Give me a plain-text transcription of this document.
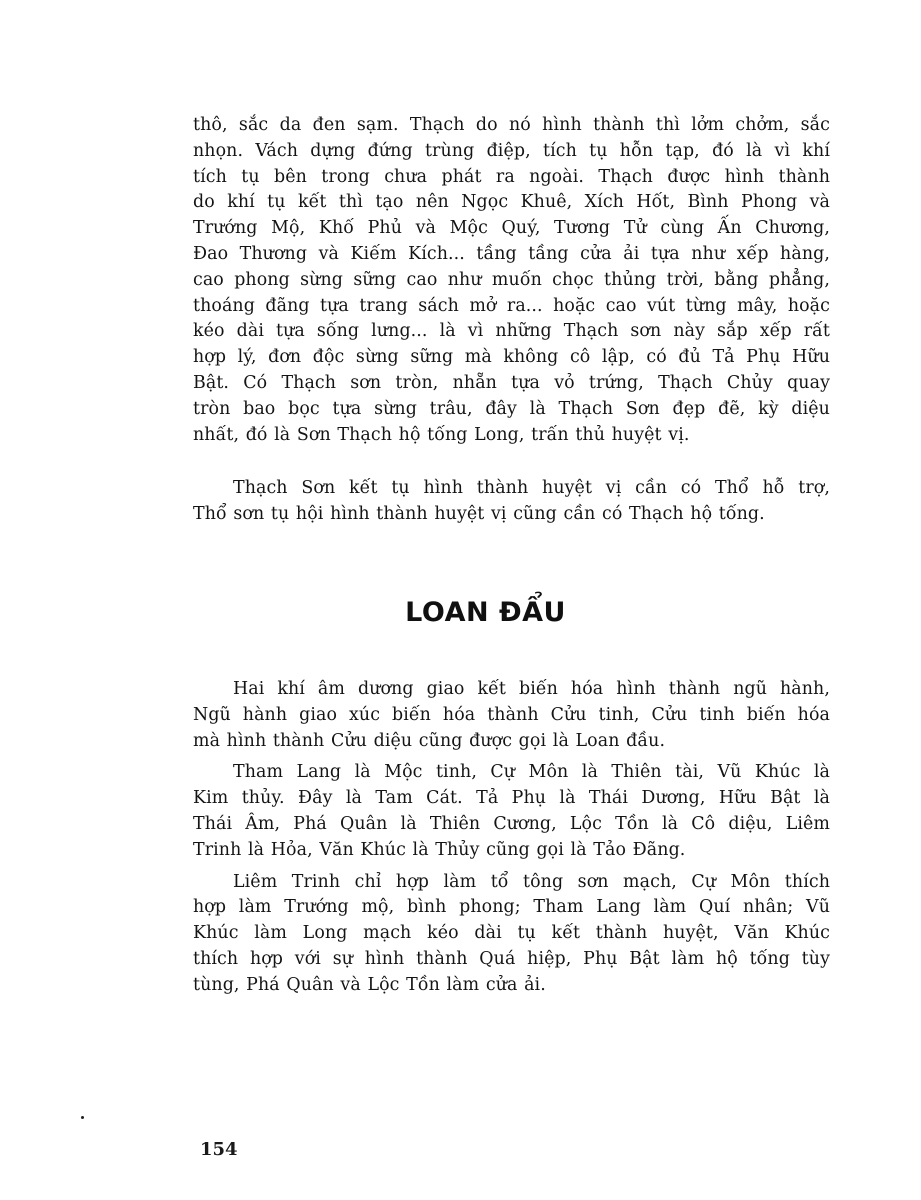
thô, sắc da đen sạm. Thạch do nó hình thành thì lởm chởm, sắc
nhọn. Vách dựng đứng trùng điệp, tích tụ hỗn tạp, đó là vì khí
tích tụ bên trong chưa phát ra ngoài. Thạch được hình thành
do khí tụ kết thì tạo nên Ngọc Khuê, Xích Hốt, Bình Phong và
Trướng Mộ, Khố Phủ và Mộc Quý, Tương Tử cùng Ấn Chương,
Đao Thương và Kiếm Kích... tầng tầng cửa ải tựa như xếp hàng,
cao phong sừng sững cao như muốn chọc thủng trời, bằng phẳng,
thoáng đãng tựa trang sách mở ra... hoặc cao vút từng mây, hoặc
kéo dài tựa sống lưng... là vì những Thạch sơn này sắp xếp rất
hợp lý, đơn độc sừng sững mà không cô lập, có đủ Tả Phụ Hữu
Bật. Có Thạch sơn tròn, nhẵn tựa vỏ trứng, Thạch Chủy quay
tròn bao bọc tựa sừng trâu, đây là Thạch Sơn đẹp đẽ, kỳ diệu
nhất, đó là Sơn Thạch hộ tống Long, trấn thủ huyệt vị.

Thạch Sơn kết tụ hình thành huyệt vị cần có Thổ hỗ trợ,
Thổ sơn tụ hội hình thành huyệt vị cũng cần có Thạch hộ tống.

LOAN ĐẨU

Hai khí âm dương giao kết biến hóa hình thành ngũ hành,
Ngũ hành giao xúc biến hóa thành Cửu tinh, Cửu tinh biến hóa
mà hình thành Cửu diệu cũng được gọi là Loan đầu.

Tham Lang là Mộc tinh, Cự Môn là Thiên tài, Vũ Khúc là
Kim thủy. Đây là Tam Cát. Tả Phụ là Thái Dương, Hữu Bật là
Thái Âm, Phá Quân là Thiên Cương, Lộc Tồn là Cô diệu, Liêm
Trinh là Hỏa, Văn Khúc là Thủy cũng gọi là Tảo Đãng.

Liêm Trinh chỉ hợp làm tổ tông sơn mạch, Cự Môn thích
hợp làm Trướng mộ, bình phong; Tham Lang làm Quí nhân; Vũ
Khúc làm Long mạch kéo dài tụ kết thành huyệt, Văn Khúc
thích hợp với sự hình thành Quá hiệp, Phụ Bật làm hộ tống tùy
tùng, Phá Quân và Lộc Tồn làm cửa ải.

154
